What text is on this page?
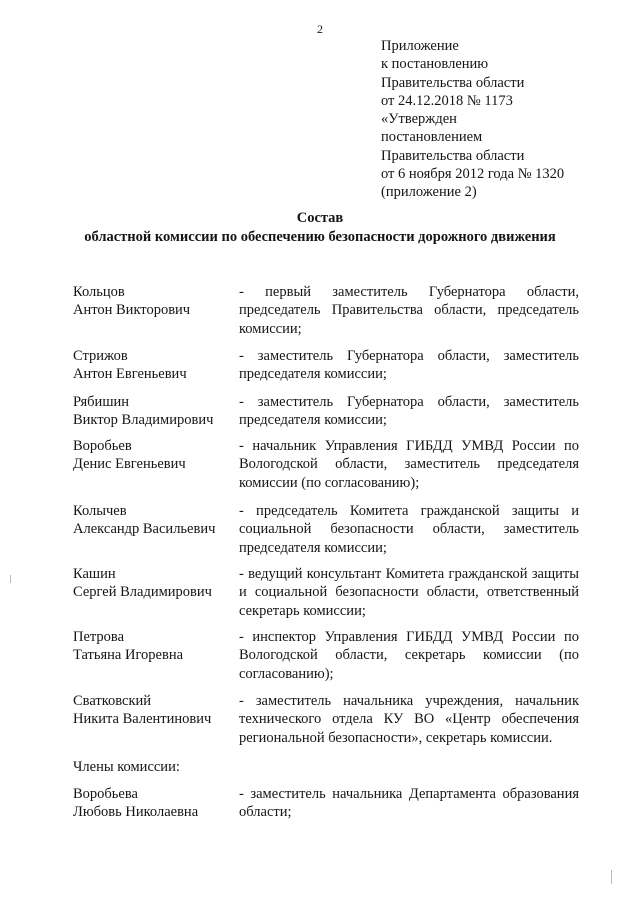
2
Приложение
к постановлению
Правительства области
от 24.12.2018 № 1173
«Утвержден
постановлением
Правительства области
от 6 ноября 2012 года № 1320
(приложение 2)
Состав
областной комиссии по обеспечению безопасности дорожного движения
Кольцов
Антон Викторович
- первый заместитель Губернатора области, председатель Правительства области, председатель комиссии;
Стрижов
Антон Евгеньевич
- заместитель Губернатора области, заместитель председателя комиссии;
Рябишин
Виктор Владимирович
- заместитель Губернатора области, заместитель председателя комиссии;
Воробьев
Денис Евгеньевич
- начальник Управления ГИБДД УМВД России по Вологодской области, заместитель председателя комиссии (по согласованию);
Колычев
Александр Васильевич
- председатель Комитета гражданской защиты и социальной безопасности области, заместитель председателя комиссии;
Кашин
Сергей Владимирович
- ведущий консультант Комитета гражданской защиты и социальной безопасности области, ответственный секретарь комиссии;
Петрова
Татьяна Игоревна
- инспектор Управления ГИБДД УМВД России по Вологодской области, секретарь комиссии (по согласованию);
Сватковский
Никита Валентинович
- заместитель начальника учреждения, начальник технического отдела КУ ВО «Центр обеспечения региональной безопасности», секретарь комиссии.
Члены комиссии:
Воробьева
Любовь Николаевна
- заместитель начальника Департамента образования области;
